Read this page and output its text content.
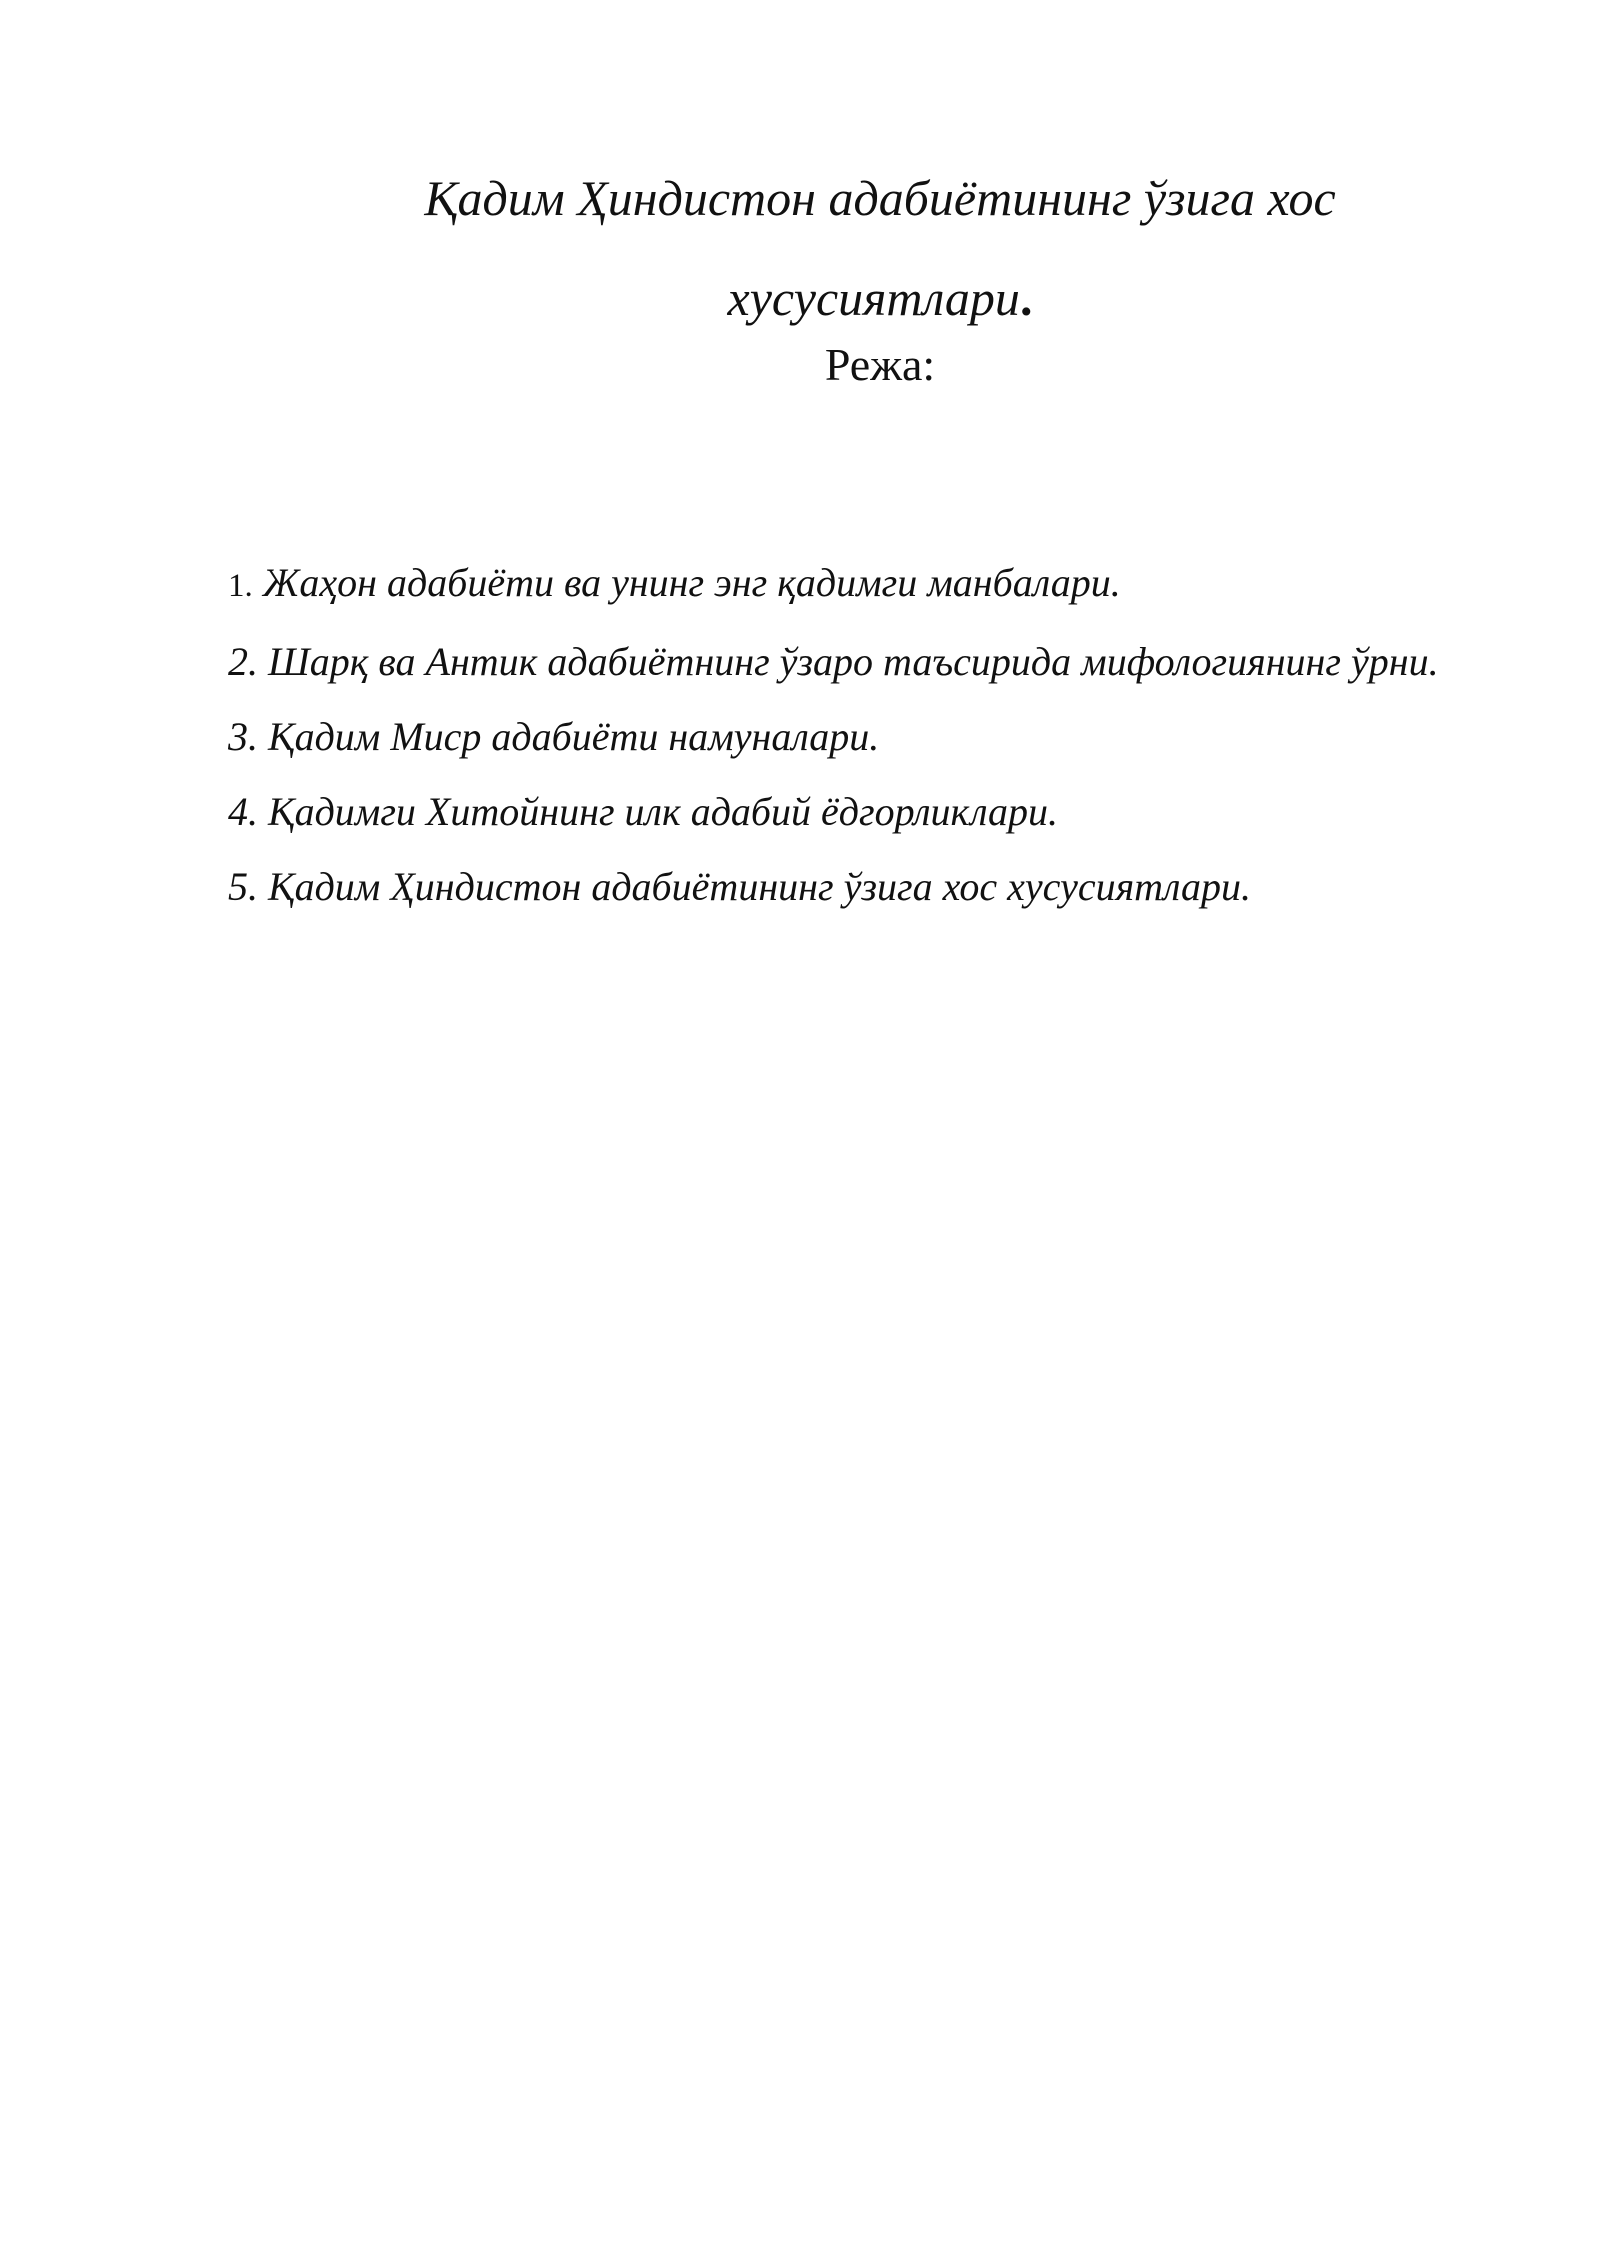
Қадим Ҳиндистон адабиётининг ўзига хос
хусусиятлари.
Режа:
1. Жаҳон адабиёти ва унинг энг қадимги манбалари.
2. Шарқ ва Антик адабиётнинг ўзаро таъсирида мифологиянинг ўрни.
3. Қадим Миср адабиёти намуналари.
4. Қадимги Хитойнинг илк адабий ёдгорликлари.
5. Қадим Ҳиндистон адабиётининг ўзига хос хусусиятлари.
